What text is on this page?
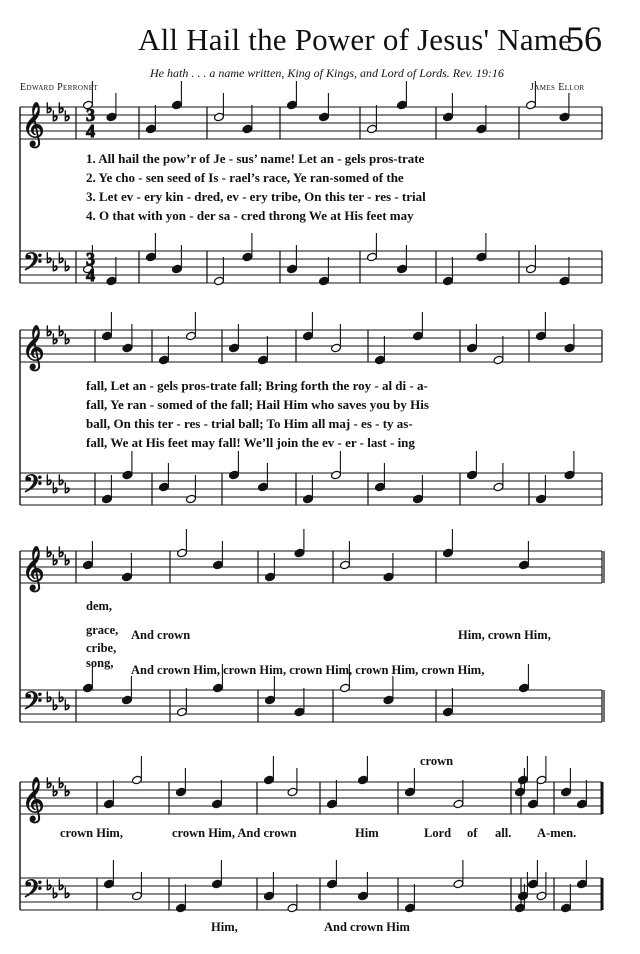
All Hail the Power of Jesus' Name
56
He hath . . . a name written, King of Kings, and Lord of Lords. Rev. 19:16
Edward Perronet	James Ellor
𝄞
𝄢
♭ ♭ ♭ ♭
♭ ♭ ♭ ♭
𝄞
𝄢
♭ ♭ ♭ ♭
♭ ♭ ♭ ♭
𝄞
𝄢
♭ ♭ ♭ ♭
♭ ♭ ♭ ♭
𝄞
𝄢
♭ ♭ ♭ ♭
♭ ♭ ♭ ♭
3
4
3
4
1. All hail the pow’r of Je - sus’ name! Let an - gels pros-trate
2. Ye cho - sen seed of Is - rael’s race, Ye ran-somed of the
3. Let ev - ery kin - dred, ev - ery tribe, On this ter - res - trial
4. O that with yon - der sa - cred throng We at His feet may
fall, Let an - gels pros-trate fall; Bring forth the roy - al di - a-
fall, Ye ran - somed of the fall; Hail Him who saves you by His
ball, On this ter - res - trial ball; To Him all maj - es - ty as-
fall, We at His feet may fall! We’ll join the ev - er - last - ing
dem,
grace,
cribe,
song,
And crown	Him, crown Him,
And crown Him, crown Him, crown Him, crown Him, crown Him,
crown
crown Him,	crown Him, And crown	Him	Lord of all. A-men.
Him,	And crown Him
